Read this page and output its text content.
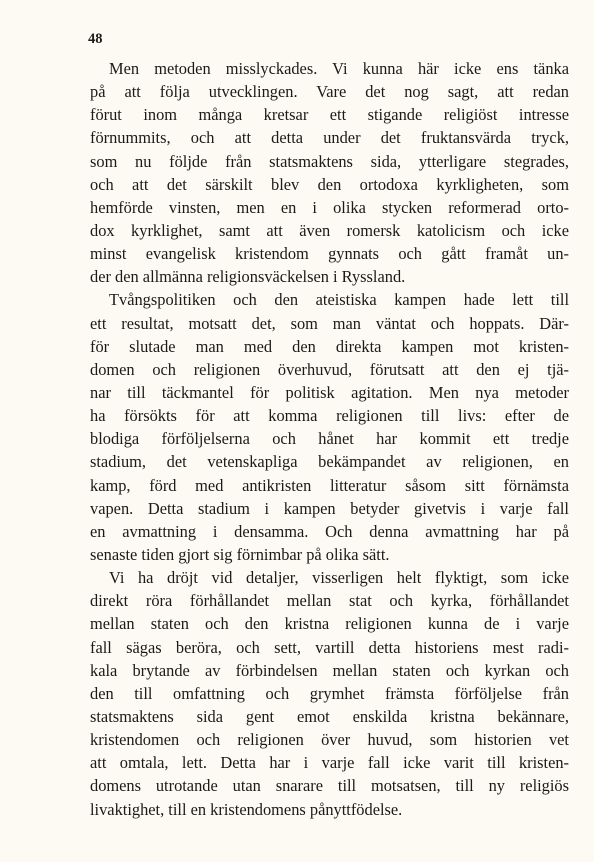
48
Men metoden misslyckades. Vi kunna här icke ens tänka
på att följa utvecklingen. Vare det nog sagt, att redan
förut inom många kretsar ett stigande religiöst intresse
förnummits, och att detta under det fruktansvärda tryck,
som nu följde från statsmaktens sida, ytterligare stegrades,
och att det särskilt blev den ortodoxa kyrkligheten, som
hemförde vinsten, men en i olika stycken reformerad orto-
dox kyrklighet, samt att även romersk katolicism och icke
minst evangelisk kristendom gynnats och gått framåt un-
der den allmänna religionsväckelsen i Ryssland.
Tvångspolitiken och den ateistiska kampen hade lett till
ett resultat, motsatt det, som man väntat och hoppats. Där-
för slutade man med den direkta kampen mot kristen-
domen och religionen överhuvud, förutsatt att den ej tjä-
nar till täckmantel för politisk agitation. Men nya metoder
ha försökts för att komma religionen till livs: efter de
blodiga förföljelserna och hånet har kommit ett tredje
stadium, det vetenskapliga bekämpandet av religionen, en
kamp, förd med antikristen litteratur såsom sitt förnämsta
vapen. Detta stadium i kampen betyder givetvis i varje fall
en avmattning i densamma. Och denna avmattning har på
senaste tiden gjort sig förnimbar på olika sätt.
Vi ha dröjt vid detaljer, visserligen helt flyktigt, som icke
direkt röra förhållandet mellan stat och kyrka, förhållandet
mellan staten och den kristna religionen kunna de i varje
fall sägas beröra, och sett, vartill detta historiens mest radi-
kala brytande av förbindelsen mellan staten och kyrkan och
den till omfattning och grymhet främsta förföljelse från
statsmaktens sida gent emot enskilda kristna bekännare,
kristendomen och religionen över huvud, som historien vet
att omtala, lett. Detta har i varje fall icke varit till kristen-
domens utrotande utan snarare till motsatsen, till ny religiös
livaktighet, till en kristendomens pånyttfödelse.
